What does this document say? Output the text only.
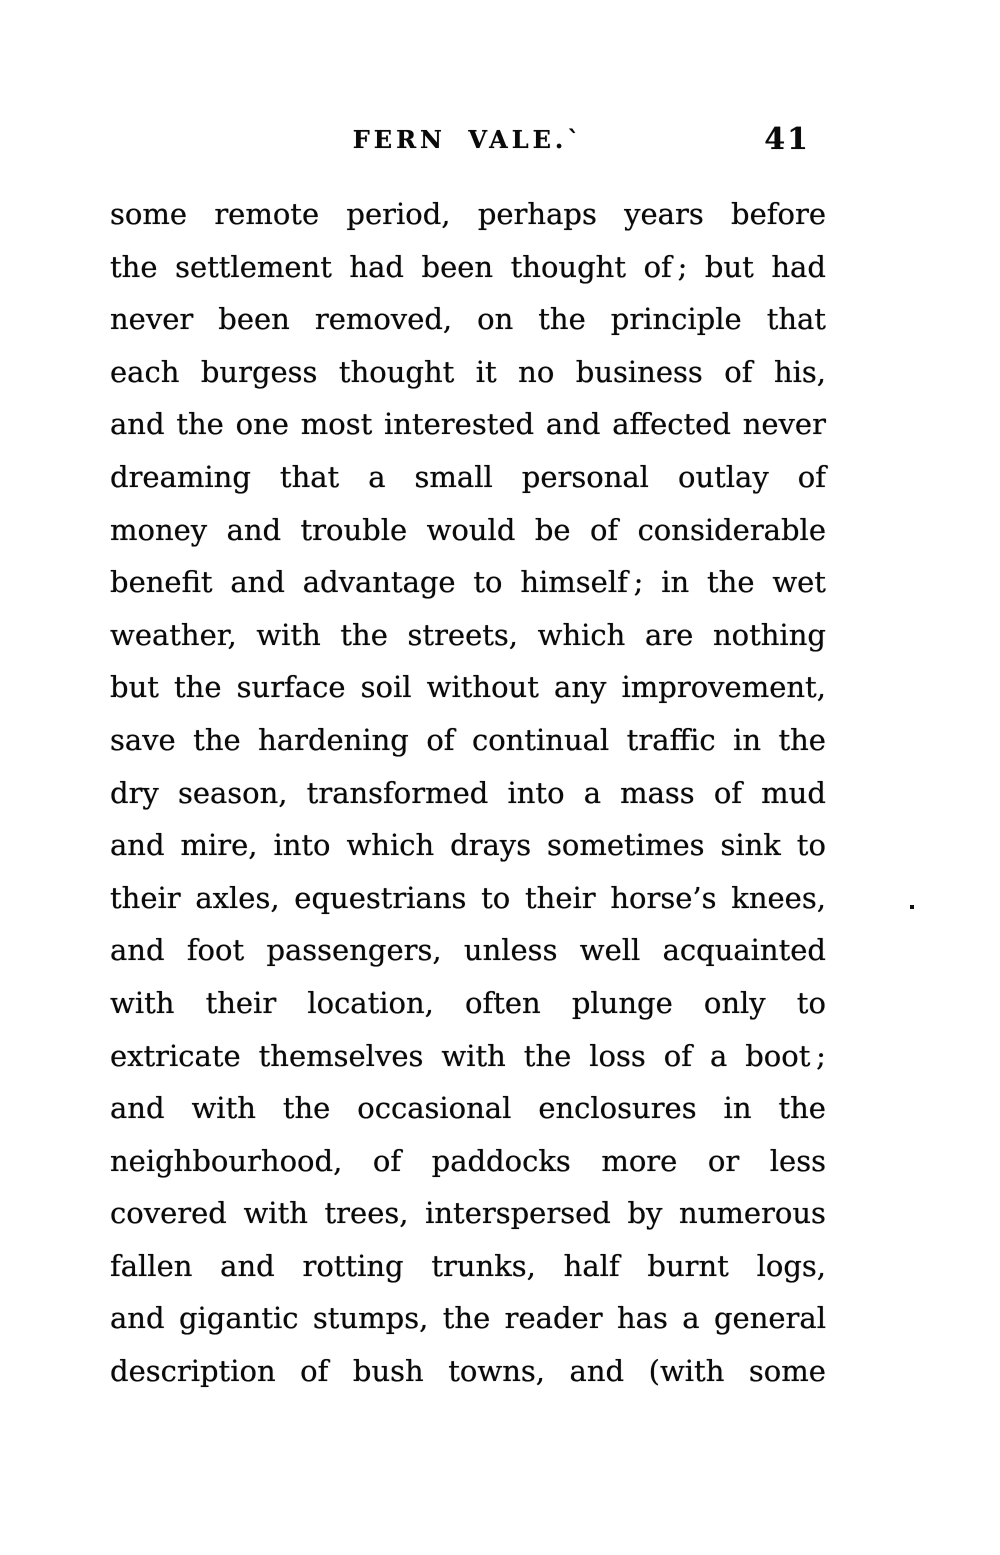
FERN VALE.`	41
some remote period, perhaps years before
the settlement had been thought of ; but had
never been removed, on the principle that
each burgess thought it no business of his,
and the one most interested and affected never
dreaming that a small personal outlay of
money and trouble would be of considerable
benefit and advantage to himself ; in the wet
weather, with the streets, which are nothing
but the surface soil without any improvement,
save the hardening of continual traffic in the
dry season, transformed into a mass of mud
and mire, into which drays sometimes sink to
their axles, equestrians to their horse’s knees,
and foot passengers, unless well acquainted
with their location, often plunge only to
extricate themselves with the loss of a boot ;
and with the occasional enclosures in the
neighbourhood, of paddocks more or less
covered with trees, interspersed by numerous
fallen and rotting trunks, half burnt logs,
and gigantic stumps, the reader has a general
description of bush towns, and (with some
